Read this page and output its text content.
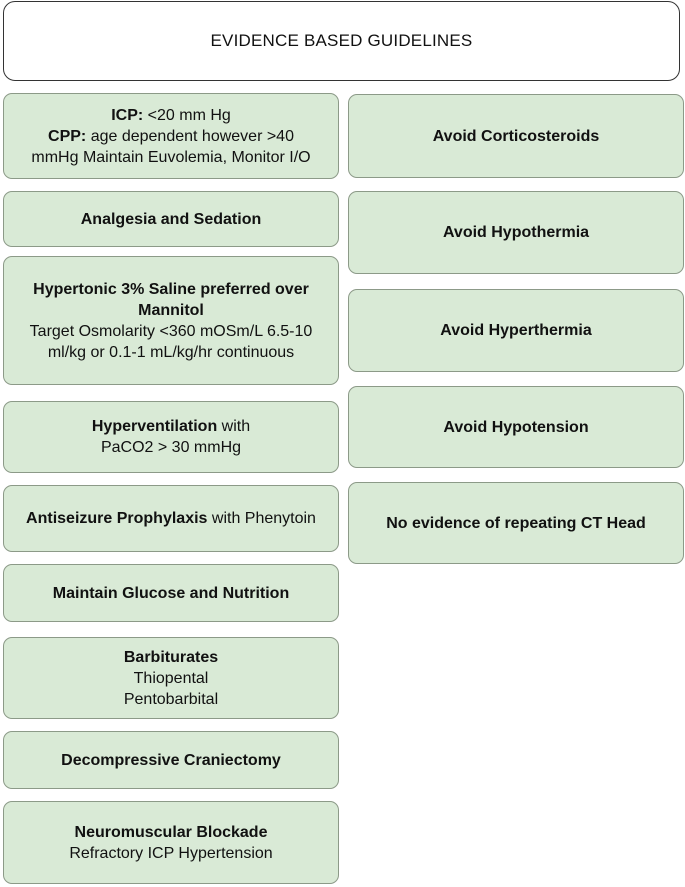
EVIDENCE BASED GUIDELINES
ICP: <20 mm Hg
CPP: age dependent however >40
mmHg Maintain Euvolemia, Monitor I/O
Analgesia and Sedation
Hypertonic 3% Saline preferred over
Mannitol
Target Osmolarity <360 mOSm/L 6.5-10
ml/kg or 0.1-1 mL/kg/hr continuous
Hyperventilation with
PaCO2 > 30 mmHg
Antiseizure Prophylaxis with Phenytoin
Maintain Glucose and Nutrition
Barbiturates
Thiopental
Pentobarbital
Decompressive Craniectomy
Neuromuscular Blockade
Refractory ICP Hypertension
Avoid Corticosteroids
Avoid Hypothermia
Avoid Hyperthermia
Avoid Hypotension
No evidence of repeating CT Head
